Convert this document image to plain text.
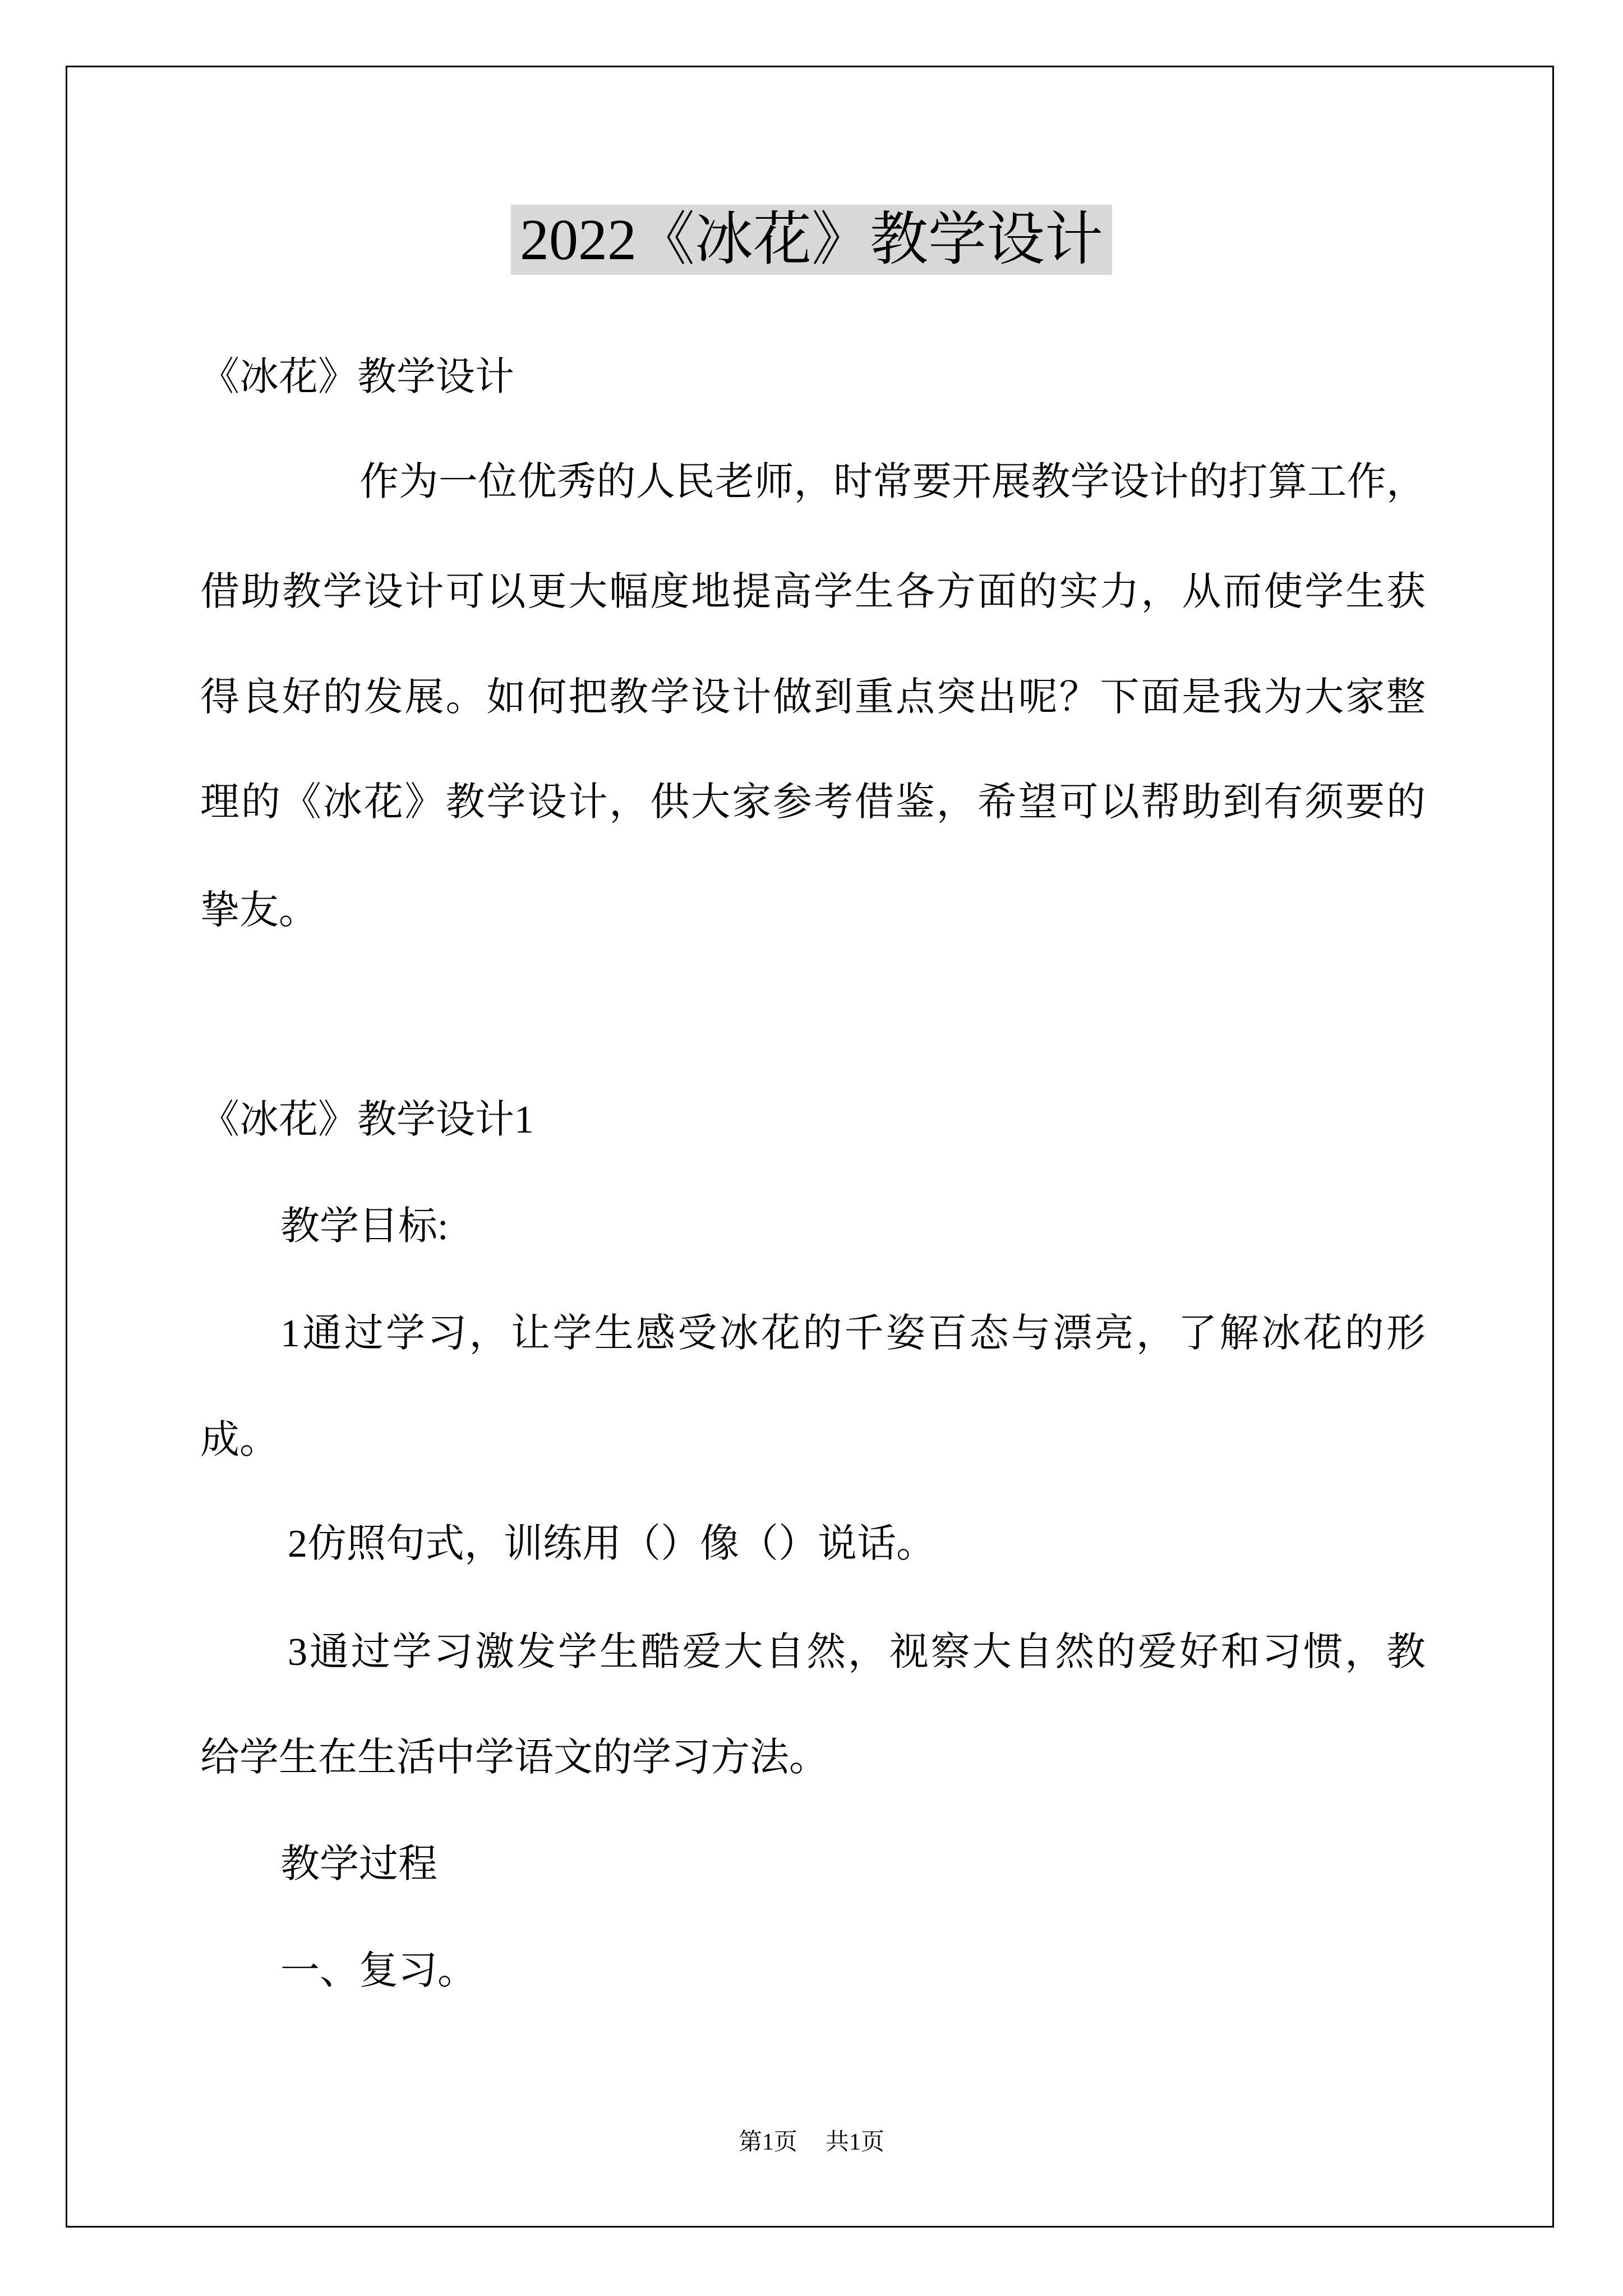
2022《冰花》教学设计
《冰花》教学设计
作为一位优秀的人民老师，时常要开展教学设计的打算工作，
借助教学设计可以更大幅度地提高学生各方面的实力，从而使学生获
得良好的发展。如何把教学设计做到重点突出呢？下面是我为大家整
理的《冰花》教学设计，供大家参考借鉴，希望可以帮助到有须要的
挚友。
《冰花》教学设计1
教学目标:
1通过学习，让学生感受冰花的千姿百态与漂亮，了解冰花的形
成。
2仿照句式，训练用（）像（）说话。
3通过学习激发学生酷爱大自然，视察大自然的爱好和习惯，教
给学生在生活中学语文的学习方法。
教学过程
一、复习。
第1页 共1页
